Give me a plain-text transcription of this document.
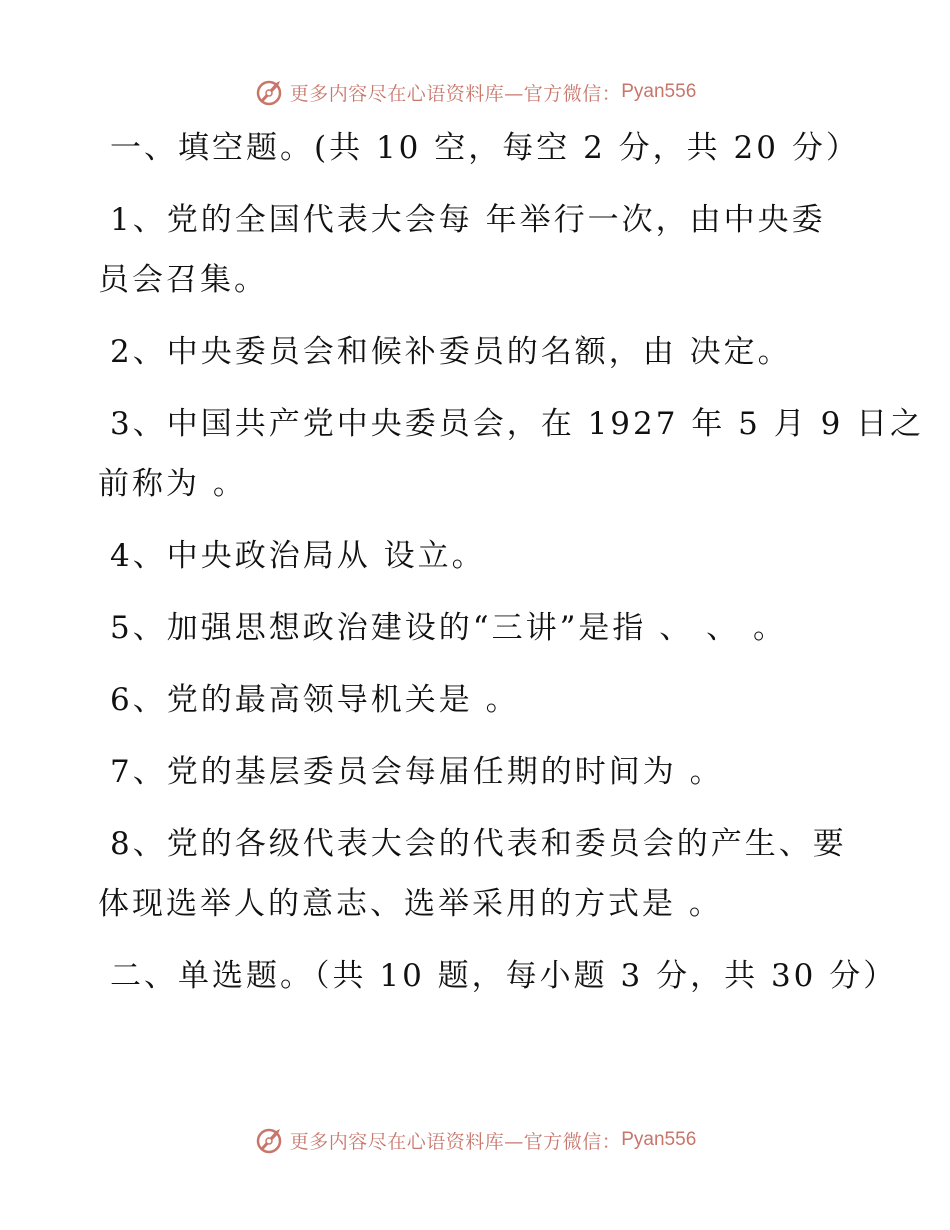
更多内容尽在心语资料库—官方微信： Pyan556
一、填空题。(共 10 空，每空 2 分，共 20 分）
1、党的全国代表大会每 年举行一次，由中央委
员会召集。
2、中央委员会和候补委员的名额，由 决定。
3、中国共产党中央委员会，在 1927 年 5 月 9 日之
前称为 。
4、中央政治局从 设立。
5、加强思想政治建设的“三讲”是指 、 、 。
6、党的最高领导机关是 。
7、党的基层委员会每届任期的时间为 。
8、党的各级代表大会的代表和委员会的产生、要
体现选举人的意志、选举采用的方式是 。
二、单选题。（共 10 题，每小题 3 分，共 30 分）
更多内容尽在心语资料库—官方微信： Pyan556
